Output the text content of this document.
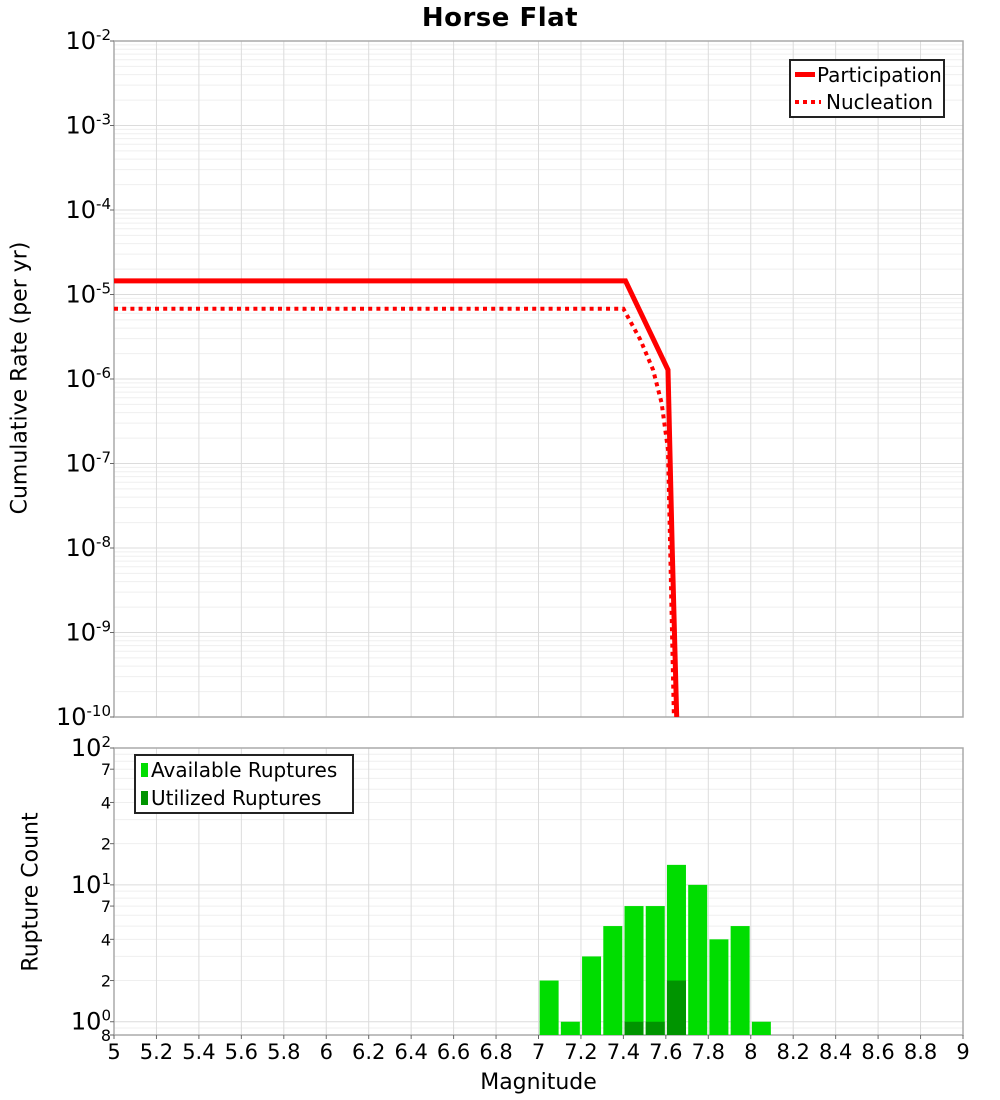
Horse Flat
Cumulative Rate (per yr)
Rupture Count
Magnitude
5 5.2 5.4 5.6 5.8 6 6.2 6.4 6.6 6.8 7 7.2 7.4 7.6 7.8 8 8.2 8.4 8.6 8.8 9
$10^{-2}$
$10^{-3}$
$10^{-4}$
$10^{-5}$
$10^{-6}$
$10^{-7}$
$10^{-8}$
$10^{-9}$
$10^{-10}$
$10^2$
7
4
2
$10^1$
7
4
2
$10^0$
8
Participation
Nucleation
Available Ruptures
Utilized Ruptures
